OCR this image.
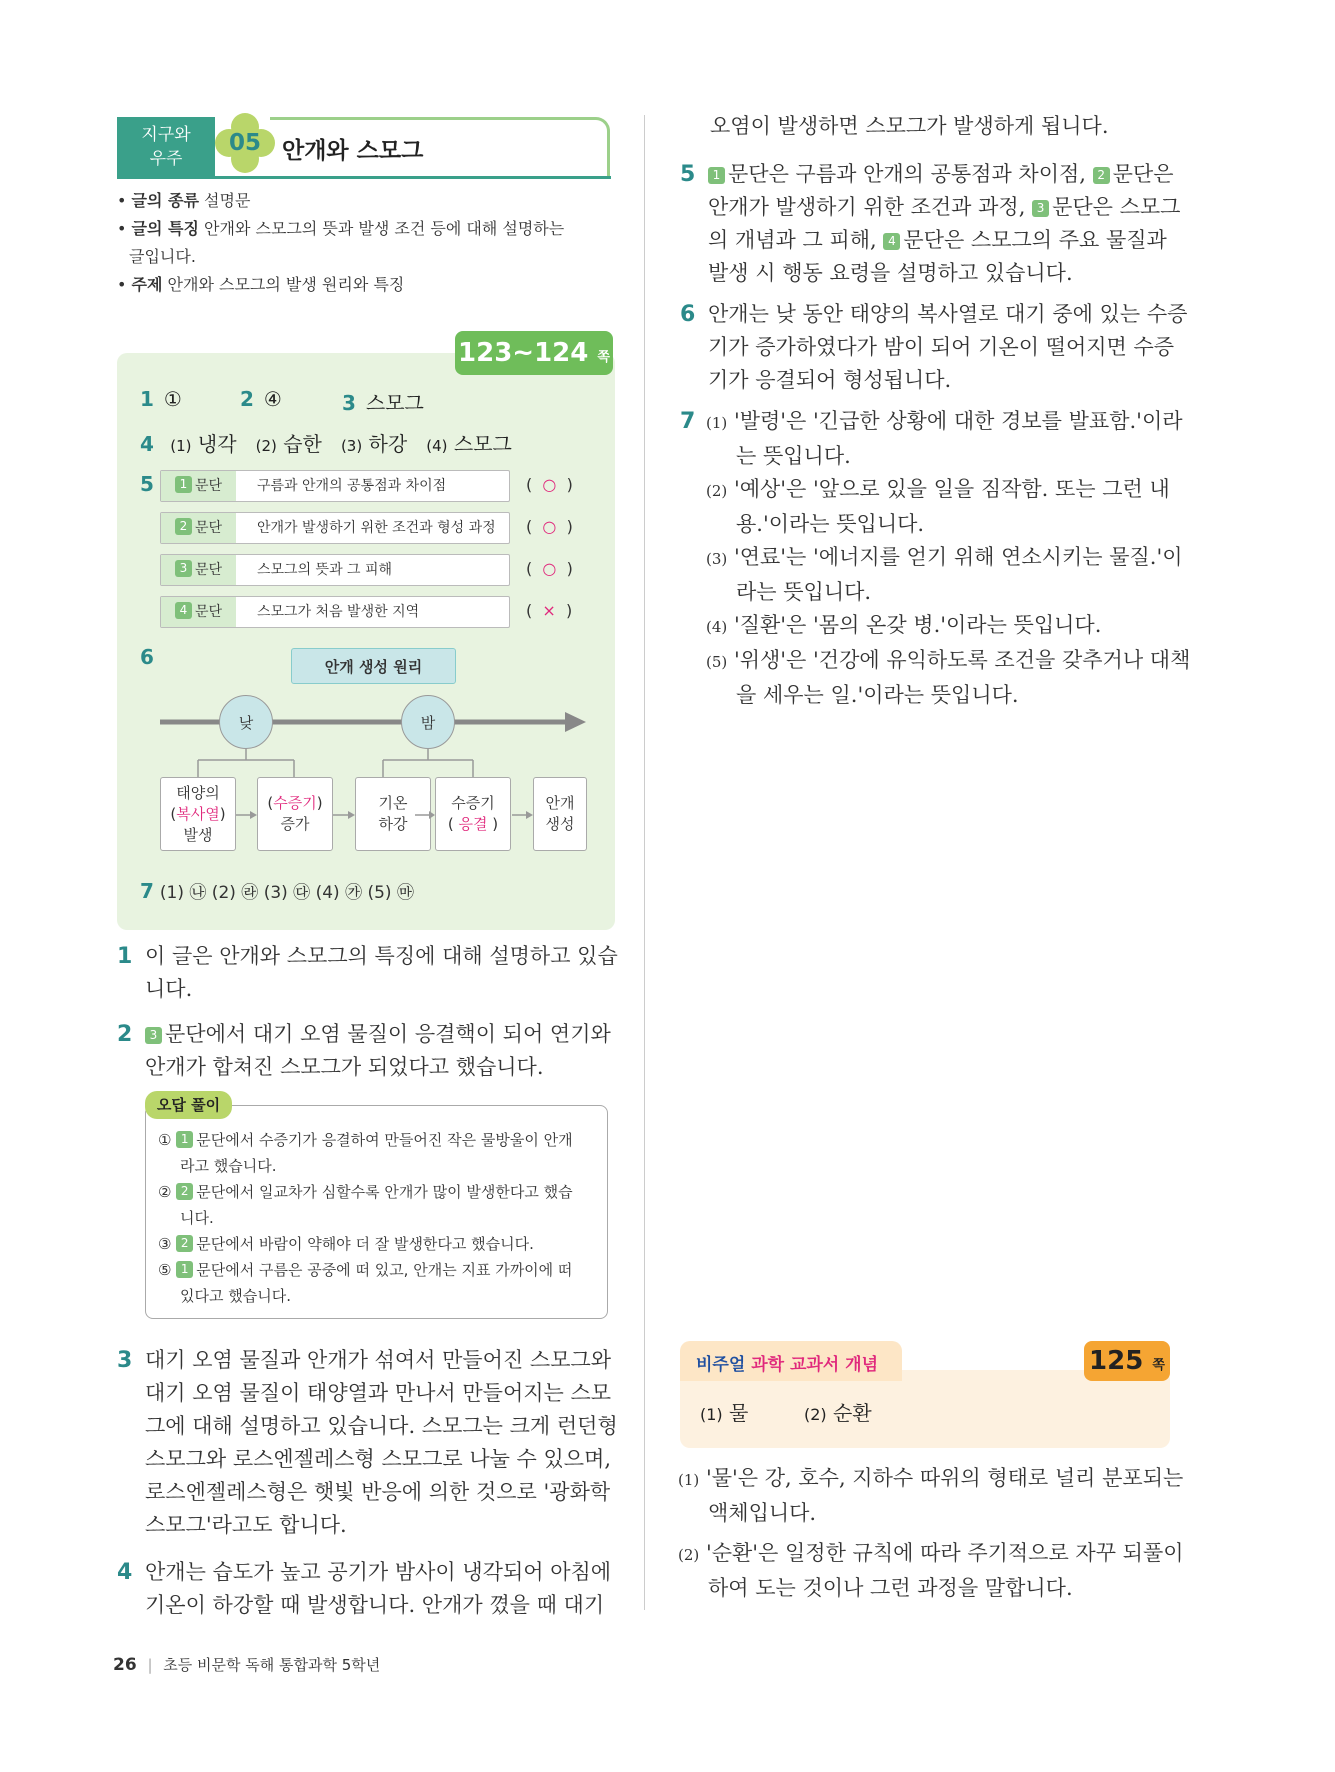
지구와
우주
05 안개와 스모그
• 글의 종류 설명문
• 글의 특징 안개와 스모그의 뜻과 발생 조건 등에 대해 설명하는
글입니다.
• 주제 안개와 스모그의 발생 원리와 특징
123~124 쪽
1 ①	2 ④	3 스모그
4 (1) 냉각 (2) 습한 (3) 하강 (4) 스모그
5	1 문단	구름과 안개의 공통점과 차이점	(  ○  )
2 문단	안개가 발생하기 위한 조건과 형성 과정 (  ○  )
3 문단	스모그의 뜻과 그 피해	(  ○  )
4 문단	스모그가 처음 발생한 지역	(  ×  )
6	안개 생성 원리
낮	밤
태양의
(복사열)
발생
(수증기)
증가
기온
하강
수증기
( 응결 )
안개
생성
7 (1) ㉯ (2) ㉱ (3) ㉰ (4) ㉮ (5) ㉲
1 이 글은 안개와 스모그의 특징에 대해 설명하고 있습
니다.
2	3 문단에서 대기 오염 물질이 응결핵이 되어 연기와
안개가 합쳐진 스모그가 되었다고 했습니다.
오답 풀이
① 1 문단에서 수증기가 응결하여 만들어진 작은 물방울이 안개
라고 했습니다.
② 2 문단에서 일교차가 심할수록 안개가 많이 발생한다고 했습
니다.
③ 2 문단에서 바람이 약해야 더 잘 발생한다고 했습니다.
⑤ 1 문단에서 구름은 공중에 떠 있고, 안개는 지표 가까이에 떠
있다고 했습니다.
3 대기 오염 물질과 안개가 섞여서 만들어진 스모그와
대기 오염 물질이 태양열과 만나서 만들어지는 스모
그에 대해 설명하고 있습니다. 스모그는 크게 런던형
스모그와 로스엔젤레스형 스모그로 나눌 수 있으며,
로스엔젤레스형은 햇빛 반응에 의한 것으로 '광화학
스모그'라고도 합니다.
4 안개는 습도가 높고 공기가 밤사이 냉각되어 아침에
기온이 하강할 때 발생합니다. 안개가 꼈을 때 대기
오염이 발생하면 스모그가 발생하게 됩니다.
5	1 문단은 구름과 안개의 공통점과 차이점, 2 문단은
안개가 발생하기 위한 조건과 과정, 3 문단은 스모그
의 개념과 그 피해, 4 문단은 스모그의 주요 물질과
발생 시 행동 요령을 설명하고 있습니다.
6 안개는 낮 동안 태양의 복사열로 대기 중에 있는 수증
기가 증가하였다가 밤이 되어 기온이 떨어지면 수증
기가 응결되어 형성됩니다.
7 (1) '발령'은 '긴급한 상황에 대한 경보를 발표함.'이라
는 뜻입니다.
(2) '예상'은 '앞으로 있을 일을 짐작함. 또는 그런 내
용.'이라는 뜻입니다.
(3) '연료'는 '에너지를 얻기 위해 연소시키는 물질.'이
라는 뜻입니다.
(4) '질환'은 '몸의 온갖 병.'이라는 뜻입니다.
(5) '위생'은 '건강에 유익하도록 조건을 갖추거나 대책
을 세우는 일.'이라는 뜻입니다.
비주얼 과학 교과서 개념	125 쪽
(1) 물	(2) 순환
(1) '물'은 강, 호수, 지하수 따위의 형태로 널리 분포되는
액체입니다.
(2) '순환'은 일정한 규칙에 따라 주기적으로 자꾸 되풀이
하여 도는 것이나 그런 과정을 말합니다.
26 | 초등 비문학 독해 통합과학 5학년
